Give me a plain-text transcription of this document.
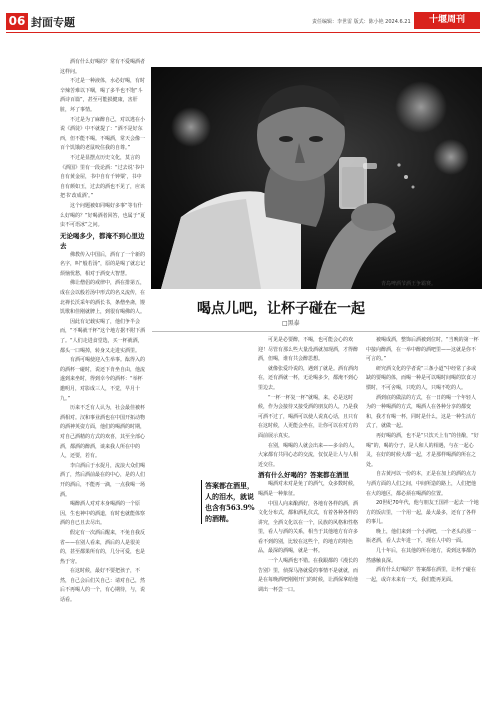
06 封面专题	责任编辑：李世雷 版式：陈小艳 2024.6.21	十堰周刊

酒有什么好喝的？常有不爱喝酒者这样问。

不过是一种液体，水必好喝，有时辛辣苦难以下咽，喝了多半也不饱“斗酒诗百篇”，甚至可能损健康，害肝脏，坏了事情。

不过是为了麻醉自己，对以逃在小说《酒徒》中不就提了：“酒不是好东西，但不能不喝。不喝酒，常天会像一百个饥饿的老鼠咬住我的自尊。”

不过是显摆点历史文化，莫言的《酒国》里有一段论酒：“过去说‘书中自有黄金屋，书中自有千钟粟’，书中自有颜如玉，过去的酒也不见了，应该把书‘改成酒’。”

这个问题被如同喝好多事“等有什么好喝的？”好喝酒者回答，也属于“夏虫不可语冰”之问。

无论喝多少，都淹不到心里边去

佛教传入中国后，酒有了一个新的名字，叫“般若汤”，原的是喝了就忘记烦恼忧愁，相对于酒变大智慧。

佛让僧侣的戒律中，酒在排第五，成在会以般若汤中形式的名义流传，在北禅长沃采年的酒长书，条僧坐斋，馒饥歌和佳刚就脾上，到很有喝佛的人。

因此有记载实喝了，他们争半会而，“不喝就干杯”这个地方据不附下酒了。“人们走进食堂选，买一杯就酒，都头一口喝掉，转身又走进实酒里。

有酒可喝使迎入生举事。酝得入的的酒杯一碰时，说还下肯坐自由，他流遂到来坐时，得到幸今的酒杯：“举杯邀明月，对影成三人，不觉，早月十九。”

历来不乏有人认为，社会最佳被杯酒相对。汉和事业酒也在中国开拓动物的酒神英姿方面，他们的喝酒的时期，对自己酒精的方式的欢喜，其至全部心酒，都酒的醉酒，谈来我人所在中的人，还要，若有。

李白酒后于水捉月，流浪大众们喝酒了，然后酒前最在的中心，是的人们开的酒后，不能再一滴，一点我喝一场酒。

喝醉酒人对对本身喝酒的一个原因，生也神中的酒道，有时也就能体察酒的自已且去尽出。

假定有一次酒后醒来，不免自我反省——在别人看来，酒后的人是很美的，甚至都果所有的，几分可爱，也是热于穷。

在这时候，最好不要把孩子，不然，自己会后们关自己：请对自己，然后不再喝人的一个，有心期待，与，说话看。

青岛啤酒节酒王争霸赛。
喝点儿吧，让杯子碰在一起
□黑泰

可见是必要醉，不喝，也可能会心的欢迎！尽管有那么些大量没酒就加现酒，才得醉酒，但喝，谁有共会醉思想。

就像张爱玲说的，遇到了就是。酒有酒肉在，还有酒就一杯，无论喝多少，都淹不到心里边去。

“一杯一杯复一杯”就喝，来，必是这时候，作为会接待又接受酒的朋友的人，乃是我可酒不过了，喝酒可以使人说真心话，且只有在这时候，人更能会坐在，让你可以在对方的面前展示真实。

在别，喝喝的人就会出来——多余的人，大家都有共同心态的交流，仅仅是让人与人相近交往。

酒有什么好喝的？答案都在酒里

喝酒对未对是免了的酒气，众多数时候，喝酒是一种象征。

中国人向来酿酒好，各地有各样的酒，酒文化分布式，都和酒礼仪式，有着各种各样的讲究，全酒文化以在一个，民族的风格和性格里，看人与酒的关系，相当于其他地方有许多看不到的别，比较在这些个，的地方的特色品，最深的酒喝，就是一杯。

一个人喝酒也不错。在我跟都的《漫长的告别》里，侦探马洛就爱的事情不是就就，而是在每晚酒吧刚刚开门的时候，让酒保拿给他调出一杯尝一口。

答案都在酒里，人的泪水，就说也含有563.9%的酒精。

被喝成酒，整饰后酒被到位时，“当晚的第一杯中接向醉酒，在一举中醉的酒吧里——这就是你不可言的。”

研究酒文化的学者说“三条小道”中经常了多或缺的要喝的体，而喝一种是可以喝时间喝的饮食习惯时，不可舍喝，只吃的人，只喝不吃的人。

酒到底的做法的方式，在一日的喝一个年轻人为的一种喝酒的方式，喝酒人在各种分享的都变和，我才有喝一杯，同时是什么，这是一种生活方式了，就做一起。

再好喝的酒，也不是“只饮天上有”的佳酿，“好喝”的，喝的分子，是人和人的相遇，与在一起心灵，在好的时候大都一起，才是那样喝酒的所在之处。

自古黄河以一份的本，正是在加上的酒的点力与酒方面的人们之间，中间所造的路上，人们把他在大的地区，都必须在喝酒的位置。

20世纪70年代，他与朋友王国祥一起去一个地方的饭店里，一个用一起，最大最多，还有了各样的事儿。

晚上，他们来到一个小酒吧，一个老头的那一瓶老酒，看人去年进一下，现在人中的一面。

几十年后，在其他的所在地方，说到这事都仍然感触良深。

酒有什么好喝的？答案都在酒里，让杯子碰在一起，或许未来有一天，我们能再见面。
